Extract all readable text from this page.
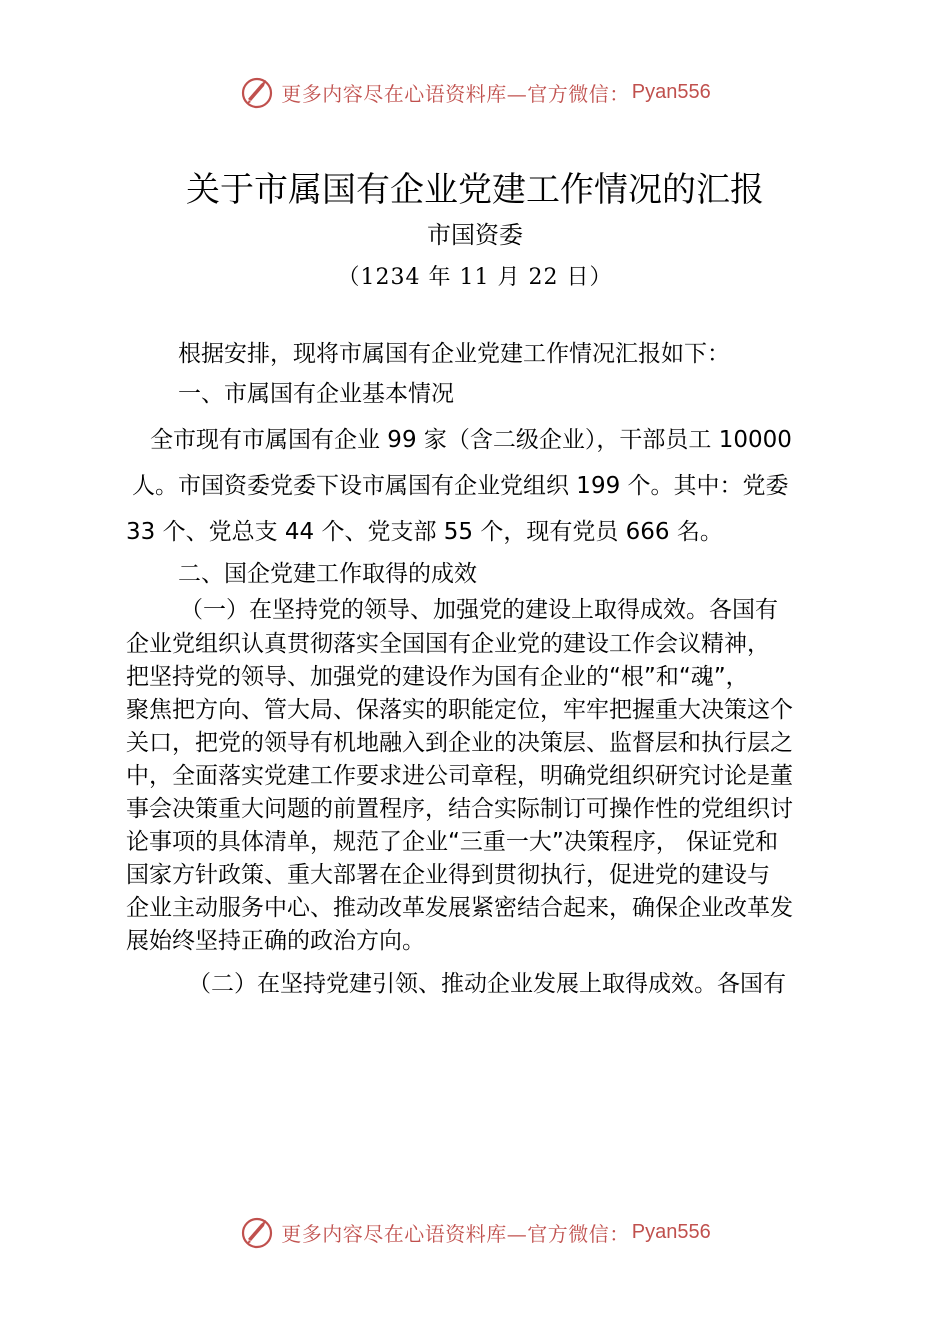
更多内容尽在心语资料库—官方微信： Pyan556
关于市属国有企业党建工作情况的汇报
市国资委
（1234 年 11 月 22 日）
根据安排，现将市属国有企业党建工作情况汇报如下：
一、市属国有企业基本情况
全市现有市属国有企业 99 家（含二级企业），干部员工 10000
人。市国资委党委下设市属国有企业党组织 199 个。其中：党委
33 个、党总支 44 个、党支部 55 个，现有党员 666 名。
二、国企党建工作取得的成效
（一）在坚持党的领导、加强党的建设上取得成效。各国有
企业党组织认真贯彻落实全国国有企业党的建设工作会议精神，
把坚持党的领导、加强党的建设作为国有企业的“根”和“魂”，
聚焦把方向、管大局、保落实的职能定位，牢牢把握重大决策这个
关口，把党的领导有机地融入到企业的决策层、监督层和执行层之
中，全面落实党建工作要求进公司章程，明确党组织研究讨论是董
事会决策重大问题的前置程序，结合实际制订可操作性的党组织讨
论事项的具体清单，规范了企业“三重一大”决策程序， 保证党和
国家方针政策、重大部署在企业得到贯彻执行，促进党的建设与
企业主动服务中心、推动改革发展紧密结合起来，确保企业改革发
展始终坚持正确的政治方向。
（二）在坚持党建引领、推动企业发展上取得成效。各国有
更多内容尽在心语资料库—官方微信： Pyan556
